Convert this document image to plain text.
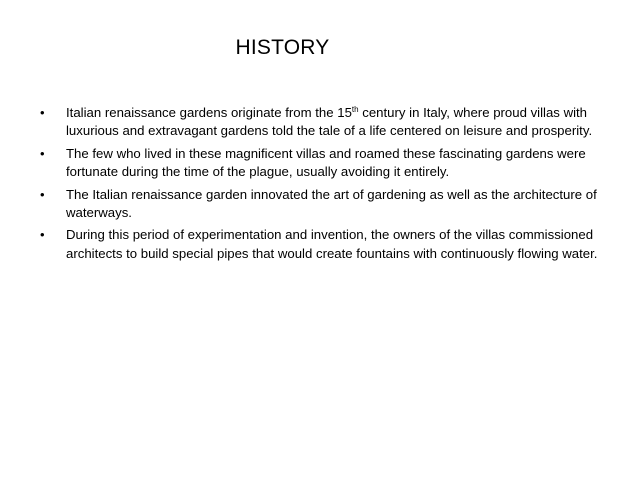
HISTORY
•	Italian renaissance gardens originate from the 15th century in Italy, where proud villas with luxurious and extravagant gardens told the tale of a life centered on leisure and prosperity.
•	The few who lived in these magnificent villas and roamed these fascinating gardens were fortunate during the time of the plague, usually avoiding it entirely.
•	The Italian renaissance garden innovated the art of gardening as well as the architecture of waterways.
•	During this period of experimentation and invention, the owners of the villas commissioned architects to build special pipes that would create fountains with continuously flowing water.
